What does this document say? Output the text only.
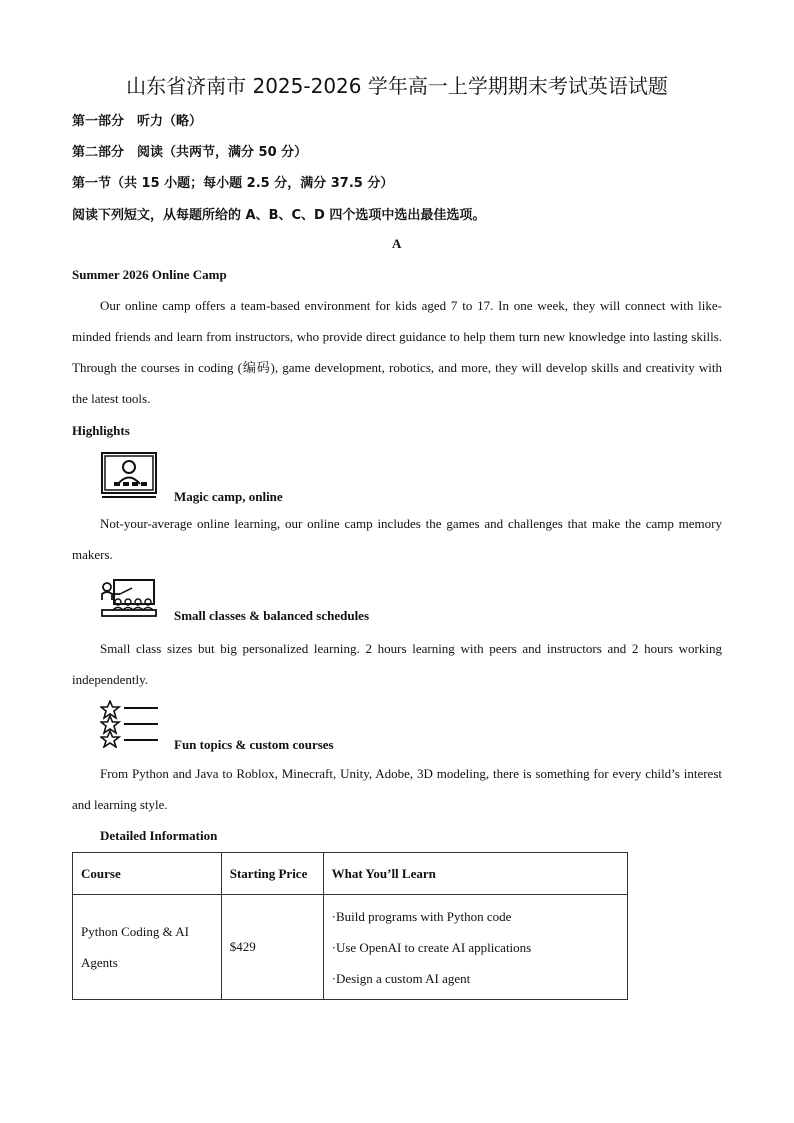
山东省济南市 2025-2026 学年高一上学期期末考试英语试题
第一部分　听力（略）
第二部分　阅读（共两节，满分 50 分）
第一节（共 15 小题；每小题 2.5 分，满分 37.5 分）
阅读下列短文，从每题所给的 A、B、C、D 四个选项中选出最佳选项。
A
Summer 2026 Online Camp
Our online camp offers a team-based environment for kids aged 7 to 17. In one week, they will connect with like-minded friends and learn from instructors, who provide direct guidance to help them turn new knowledge into lasting skills. Through the courses in coding (编码), game development, robotics, and more, they will develop skills and creativity with the latest tools.
Highlights
Magic camp, online
Not-your-average online learning, our online camp includes the games and challenges that make the camp memory makers.
Small classes & balanced schedules
Small class sizes but big personalized learning. 2 hours learning with peers and instructors and 2 hours working independently.
Fun topics & custom courses
From Python and Java to Roblox, Minecraft, Unity, Adobe, 3D modeling, there is something for every child’s interest and learning style.
Detailed Information
Course	Starting Price	What You’ll Learn
Python Coding & AI Agents	$429	·Build programs with Python code
·Use OpenAI to create AI applications
·Design a custom AI agent
